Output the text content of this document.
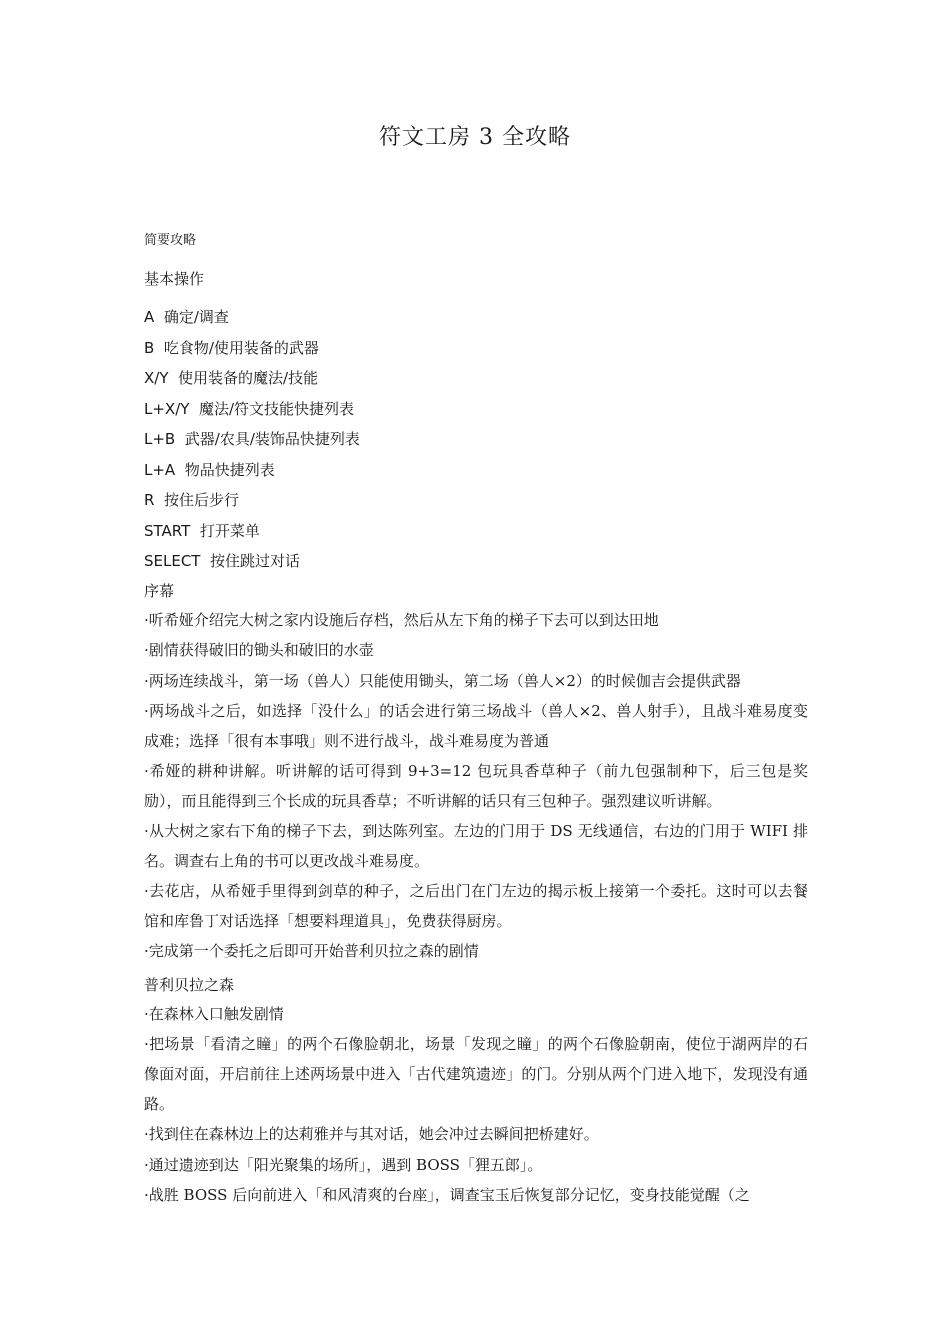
符文工房 3 全攻略
简要攻略
基本操作
A 确定/调查
B 吃食物/使用装备的武器
X/Y 使用装备的魔法/技能
L+X/Y 魔法/符文技能快捷列表
L+B 武器/农具/装饰品快捷列表
L+A 物品快捷列表
R 按住后步行
START 打开菜单
SELECT 按住跳过对话
序幕
·听希娅介绍完大树之家内设施后存档，然后从左下角的梯子下去可以到达田地
·剧情获得破旧的锄头和破旧的水壶
·两场连续战斗，第一场（兽人）只能使用锄头，第二场（兽人×2）的时候伽吉会提供武器
·两场战斗之后，如选择「没什么」的话会进行第三场战斗（兽人×2、兽人射手），且战斗难易度变成难；选择「很有本事哦」则不进行战斗，战斗难易度为普通
·希娅的耕种讲解。听讲解的话可得到 9+3=12 包玩具香草种子（前九包强制种下，后三包是奖励），而且能得到三个长成的玩具香草；不听讲解的话只有三包种子。强烈建议听讲解。
·从大树之家右下角的梯子下去，到达陈列室。左边的门用于 DS 无线通信，右边的门用于 WIFI 排名。调查右上角的书可以更改战斗难易度。
·去花店，从希娅手里得到剑草的种子，之后出门在门左边的揭示板上接第一个委托。这时可以去餐馆和库鲁丁对话选择「想要料理道具」，免费获得厨房。
·完成第一个委托之后即可开始普利贝拉之森的剧情
普利贝拉之森
·在森林入口触发剧情
·把场景「看清之瞳」的两个石像脸朝北，场景「发现之瞳」的两个石像脸朝南，使位于湖两岸的石像面对面，开启前往上述两场景中进入「古代建筑遗迹」的门。分别从两个门进入地下，发现没有通路。
·找到住在森林边上的达莉雅并与其对话，她会冲过去瞬间把桥建好。
·通过遗迹到达「阳光聚集的场所」，遇到 BOSS「狸五郎」。
·战胜 BOSS 后向前进入「和风清爽的台座」，调查宝玉后恢复部分记忆，变身技能觉醒（之
